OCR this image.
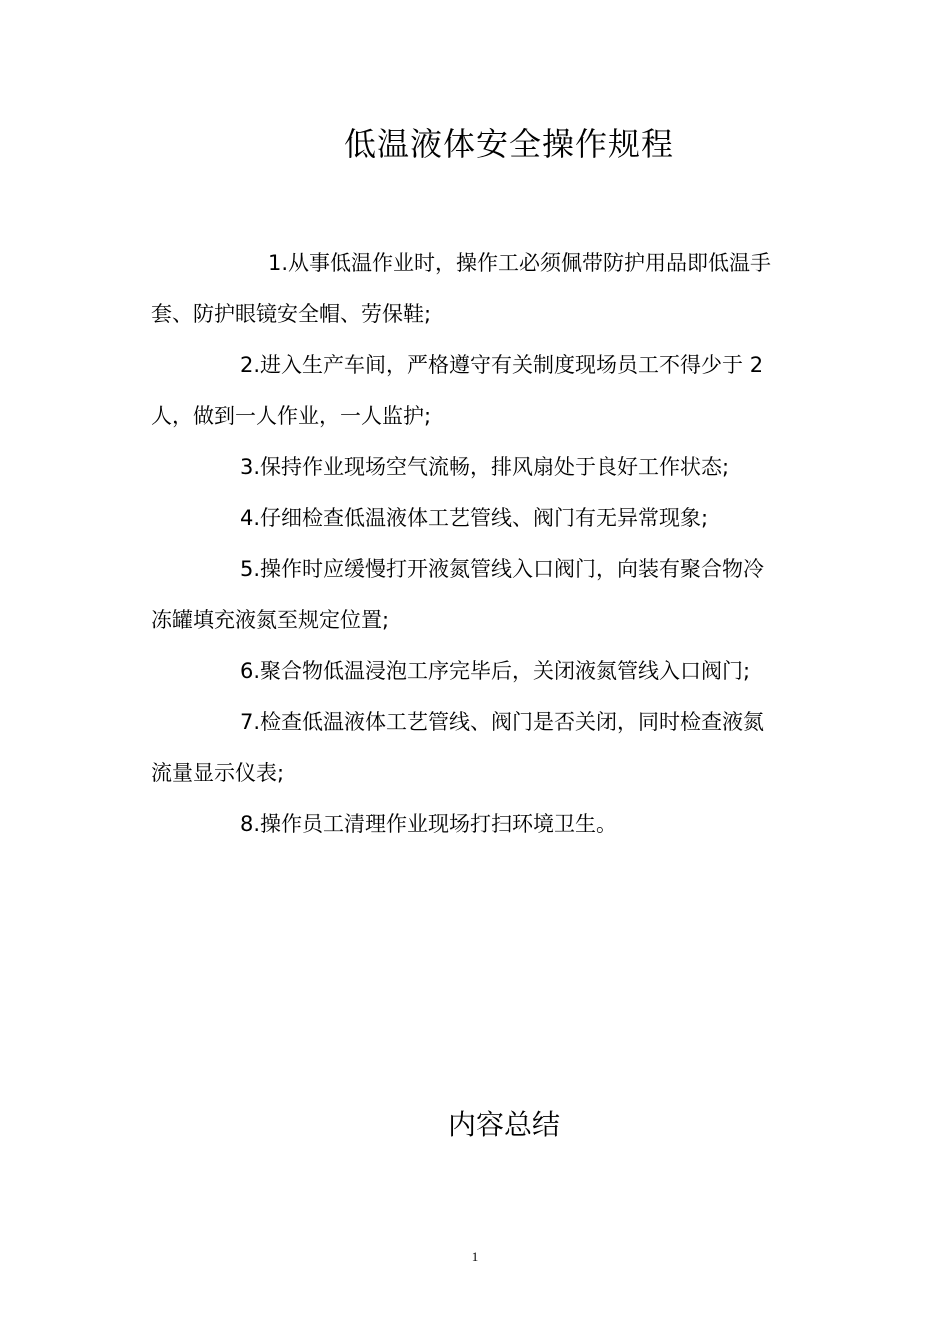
低温液体安全操作规程

1.从事低温作业时，操作工必须佩带防护用品即低温手

套、防护眼镜安全帽、劳保鞋;

2.进入生产车间，严格遵守有关制度现场员工不得少于 2

人，做到一人作业，一人监护;

3.保持作业现场空气流畅，排风扇处于良好工作状态;

4.仔细检查低温液体工艺管线、阀门有无异常现象;

5.操作时应缓慢打开液氮管线入口阀门，向装有聚合物冷

冻罐填充液氮至规定位置;

6.聚合物低温浸泡工序完毕后，关闭液氮管线入口阀门;

7.检查低温液体工艺管线、阀门是否关闭，同时检查液氮

流量显示仪表;

8.操作员工清理作业现场打扫环境卫生。

内容总结
1
